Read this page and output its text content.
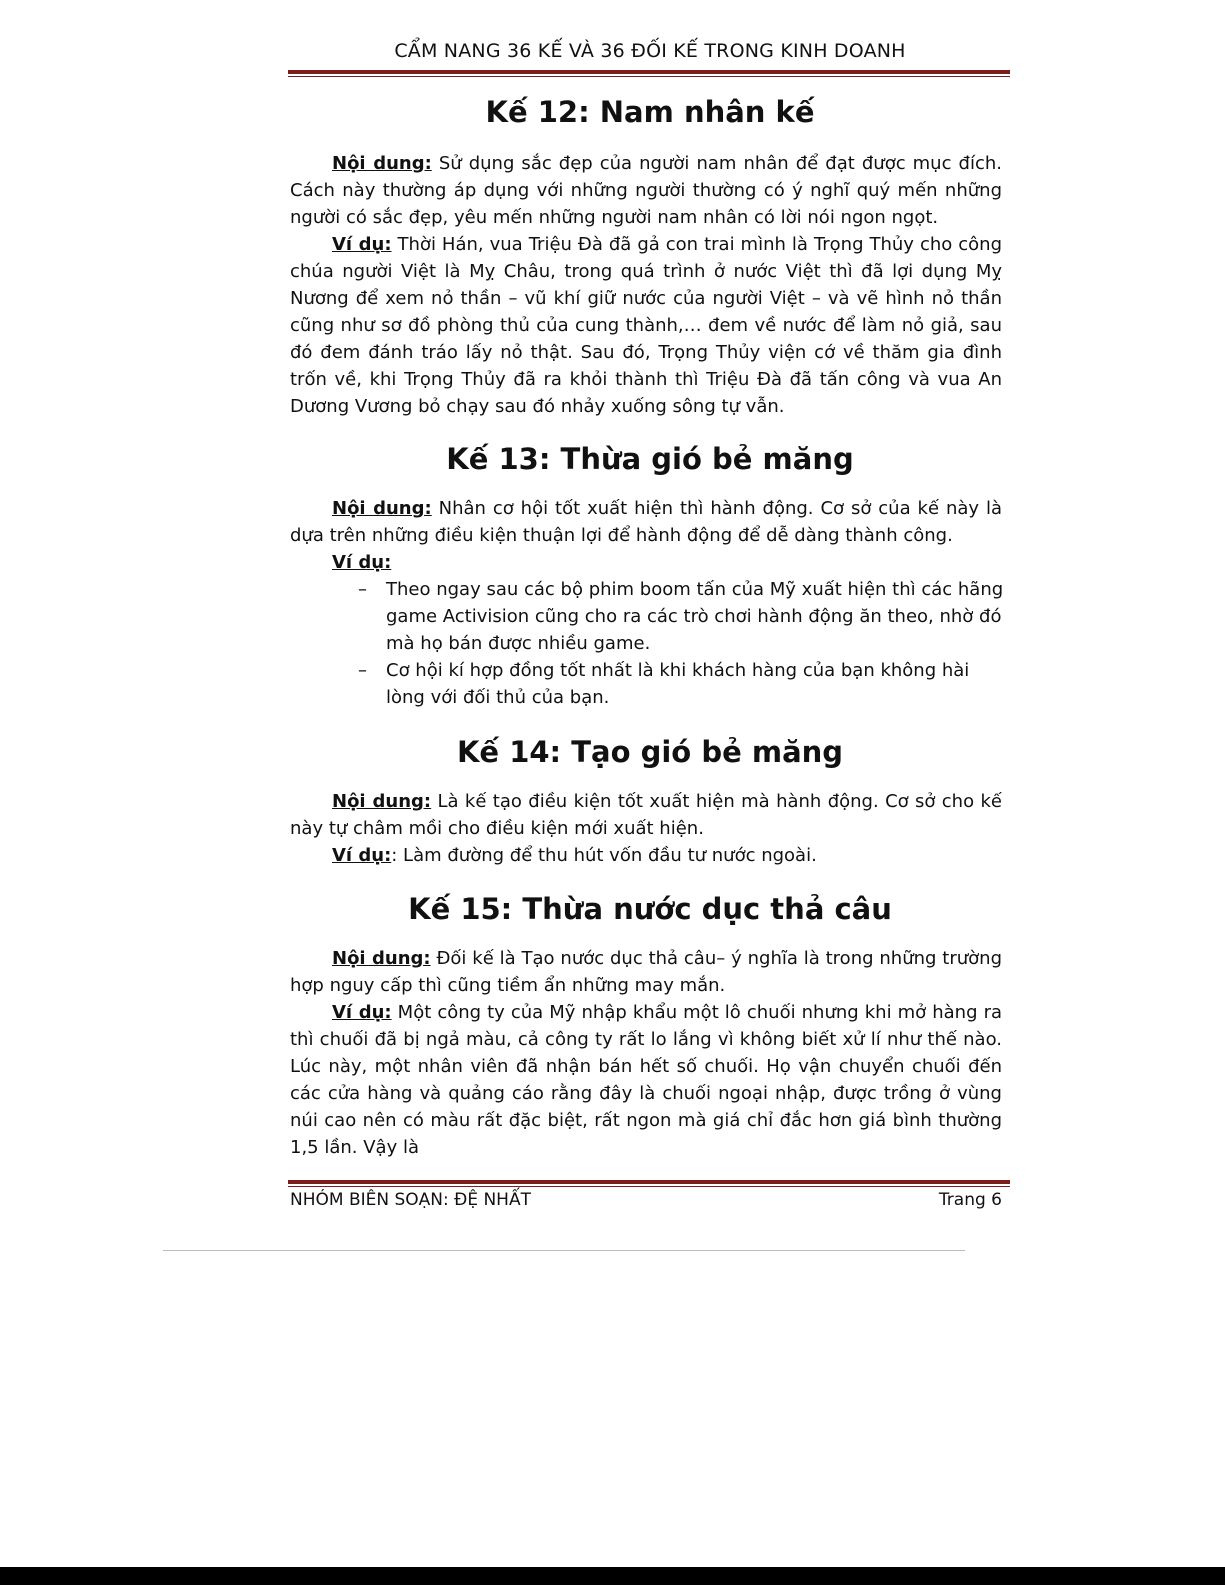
CẨM NANG 36 KẾ VÀ 36 ĐỐI KẾ TRONG KINH DOANH
Kế 12: Nam nhân kế

Nội dung: Sử dụng sắc đẹp của người nam nhân để đạt được mục đích. Cách này thường áp dụng với những người thường có ý nghĩ quý mến những người có sắc đẹp, yêu mến những người nam nhân có lời nói ngon ngọt.

Ví dụ: Thời Hán, vua Triệu Đà đã gả con trai mình là Trọng Thủy cho công chúa người Việt là Mỵ Châu, trong quá trình ở nước Việt thì đã lợi dụng Mỵ Nương để xem nỏ thần – vũ khí giữ nước của người Việt – và vẽ hình nỏ thần cũng như sơ đồ phòng thủ của cung thành,… đem về nước để làm nỏ giả, sau đó đem đánh tráo lấy nỏ thật. Sau đó, Trọng Thủy viện cớ về thăm gia đình trốn về, khi Trọng Thủy đã ra khỏi thành thì Triệu Đà đã tấn công và vua An Dương Vương bỏ chạy sau đó nhảy xuống sông tự vẫn.

Kế 13: Thừa gió bẻ măng

Nội dung: Nhân cơ hội tốt xuất hiện thì hành động. Cơ sở của kế này là dựa trên những điều kiện thuận lợi để hành động để dễ dàng thành công.

Ví dụ:

–	Theo ngay sau các bộ phim boom tấn của Mỹ xuất hiện thì các hãng game Activision cũng cho ra các trò chơi hành động ăn theo, nhờ đó mà họ bán được nhiều game.
–	Cơ hội kí hợp đồng tốt nhất là khi khách hàng của bạn không hài lòng với đối thủ của bạn.
Kế 14: Tạo gió bẻ măng

Nội dung: Là kế tạo điều kiện tốt xuất hiện mà hành động. Cơ sở cho kế này tự châm mồi cho điều kiện mới xuất hiện.

Ví dụ:: Làm đường để thu hút vốn đầu tư nước ngoài.

Kế 15: Thừa nước dục thả câu

Nội dung: Đối kế là Tạo nước dục thả câu– ý nghĩa là trong những trường hợp nguy cấp thì cũng tiềm ẩn những may mắn.

Ví dụ: Một công ty của Mỹ nhập khẩu một lô chuối nhưng khi mở hàng ra thì chuối đã bị ngả màu, cả công ty rất lo lắng vì không biết xử lí như thế nào. Lúc này, một nhân viên đã nhận bán hết số chuối. Họ vận chuyển chuối đến các cửa hàng và quảng cáo rằng đây là chuối ngoại nhập, được trồng ở vùng núi cao nên có màu rất đặc biệt, rất ngon mà giá chỉ đắc hơn giá bình thường 1,5 lần. Vậy là

NHÓM BIÊN SOẠN: ĐỆ NHẤT	Trang 6
